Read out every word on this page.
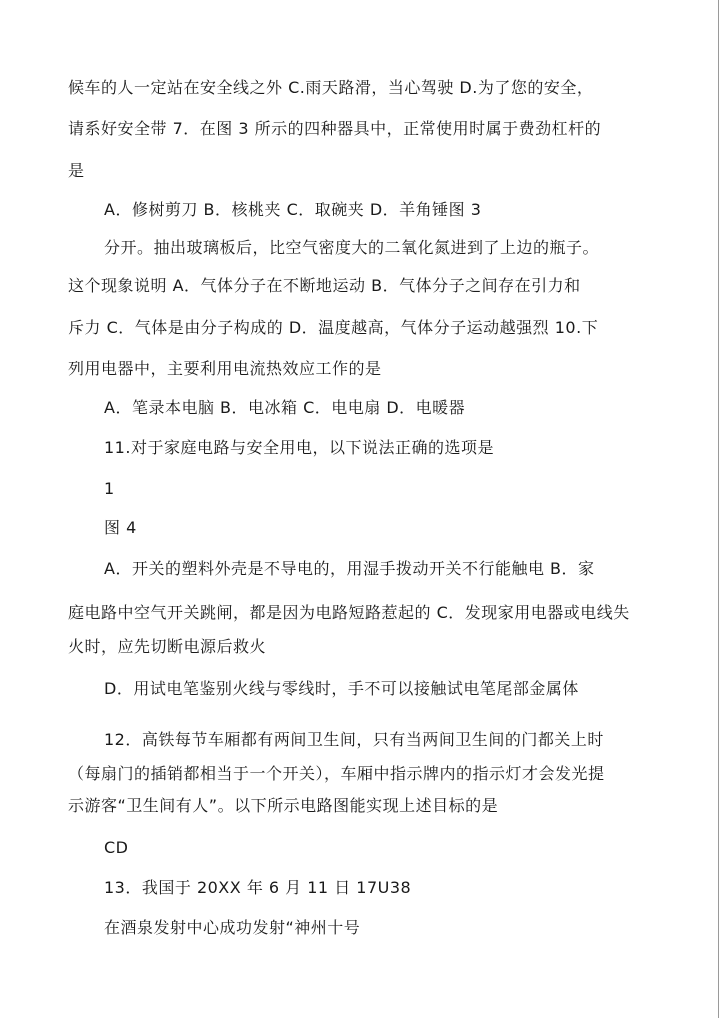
候车的人一定站在安全线之外 C.雨天路滑，当心驾驶 D.为了您的安全，
请系好安全带 7．在图 3 所示的四种器具中，正常使用时属于费劲杠杆的
是
A．修树剪刀 B．核桃夹 C．取碗夹 D．羊角锤图 3
分开。抽出玻璃板后，比空气密度大的二氧化氮进到了上边的瓶子。
这个现象说明 A．气体分子在不断地运动 B．气体分子之间存在引力和
斥力 C．气体是由分子构成的 D．温度越高，气体分子运动越强烈 10.下
列用电器中，主要利用电流热效应工作的是
A．笔录本电脑 B．电冰箱 C．电电扇 D．电暖器
11.对于家庭电路与安全用电，以下说法正确的选项是
1
图 4
A．开关的塑料外壳是不导电的，用湿手拨动开关不行能触电 B．家
庭电路中空气开关跳闸，都是因为电路短路惹起的 C．发现家用电器或电线失
火时，应先切断电源后救火
D．用试电笔鉴别火线与零线时，手不可以接触试电笔尾部金属体
12．高铁每节车厢都有两间卫生间，只有当两间卫生间的门都关上时
（每扇门的插销都相当于一个开关），车厢中指示牌内的指示灯才会发光提
示游客“卫生间有人”。以下所示电路图能实现上述目标的是
CD
13．我国于 20XX 年 6 月 11 日 17U38
在酒泉发射中心成功发射“神州十号
